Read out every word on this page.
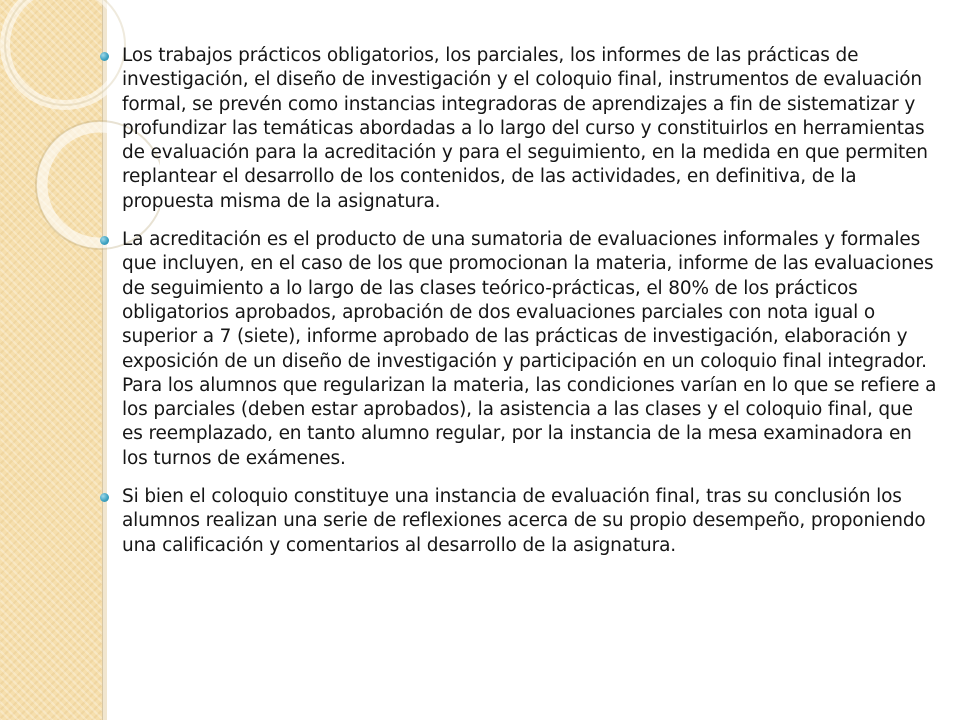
Los trabajos prácticos obligatorios, los parciales, los informes de las prácticas de investigación, el diseño de investigación y el coloquio final, instrumentos de evaluación formal, se prevén como instancias integradoras de aprendizajes a fin de sistematizar y profundizar las temáticas abordadas a lo largo del curso y constituirlos en herramientas de evaluación para la acreditación y para el seguimiento, en la medida en que permiten replantear el desarrollo de los contenidos, de las actividades, en definitiva, de la propuesta misma de la asignatura.
La acreditación es el producto de una sumatoria de evaluaciones informales y formales que incluyen, en el caso de los que promocionan la materia, informe de las evaluaciones de seguimiento a lo largo de las clases teórico-prácticas, el 80% de los prácticos obligatorios aprobados, aprobación de dos evaluaciones parciales con nota igual o superior a 7 (siete), informe aprobado de las prácticas de investigación, elaboración y exposición de un diseño de investigación y participación en un coloquio final integrador. Para los alumnos que regularizan la materia, las condiciones varían en lo que se refiere a los parciales (deben estar aprobados), la asistencia a las clases y el coloquio final, que es reemplazado, en tanto alumno regular, por la instancia de la mesa examinadora en los turnos de exámenes.
Si bien el coloquio constituye una instancia de evaluación final, tras su conclusión los alumnos realizan una serie de reflexiones acerca de su propio desempeño, proponiendo una calificación y comentarios al desarrollo de la asignatura.
